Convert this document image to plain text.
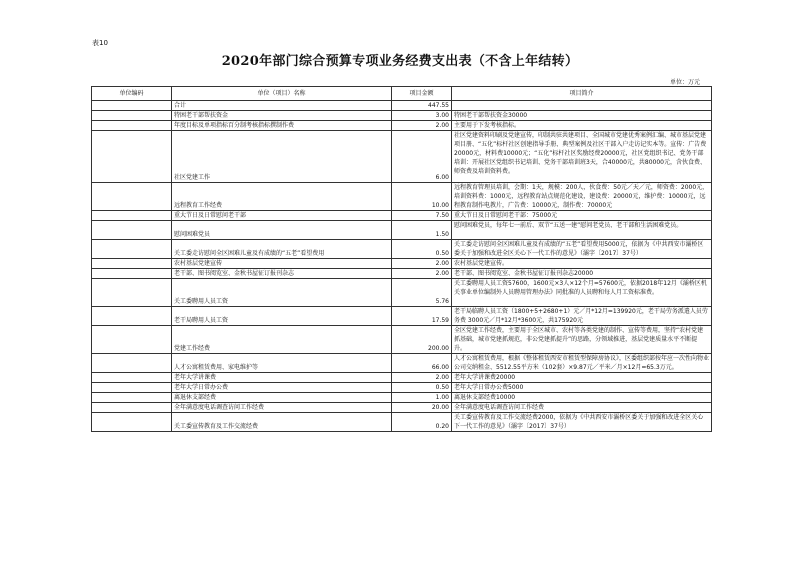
表10
2020年部门综合预算专项业务经费支出表（不含上年结转）
单位：万元
单位编码	单位（项目）名称	项目金额	项目简介
	合计	447.55	
	特困老干部帮扶资金	3.00	特困老干部帮扶资金30000
	年度目标及单项指标百分制考核指标撰制作费	2.00	主要用于下发考核指标。
	社区党建工作	6.00	社区党建资料印刷及党建宣传，印制共驻共建项目、全国城市党建优秀案例汇编、城市基层党建项目册、“五化”标杆社区创建指导手册、典型案例及社区干部入户走访记实本等。宣传：广告费20000元，材料费10000元；“五化”标杆社区奖励经费20000元，社区党组织书记、党务干部培训：开展社区党组织书记培训、党务干部培训班3天，合40000元，共80000元，含伙食费、师资费及培训资料费。
	远程教育工作经费	10.00	远程教育管理员培训，会期：1天，规模：200人，伙食费：50元／天／元，师资费：2000元，培训资料费：1000元，远程教育站点规范化建设，建设费：20000元，维护费：10000元，远程教育制作电教片，广告费：10000元，制作费：70000元
	重大节日及日常慰问老干部	7.50	重大节日及日常慰问老干部：75000元
	慰问困难党员	1.50	慰问困难党员，每年七一前后、双节“五送一建”慰问老党员、老干部和生活困难党员。
	关工委走访慰问全区困难儿童及有成绩的“五老”看望费用	0.50	关工委走访慰问全区困难儿童及有成绩的“五老”看望费用5000元，依据为《中共西安市灞桥区委关于加强和改进全区关心下一代工作的意见》（灞字〔2017〕37号）
	农村基层党建宣传	2.00	农村基层党建宣传。
	老干部、图书阅览室、金秋书屋征订报刊杂志	2.00	老干部、图书阅览室、金秋书屋征订报刊杂志20000
	关工委聘用人员工资	5.76	关工委聘用人员工资57600，1600元×3人×12个月=57600元，依据2018年12月《灞桥区机关事业单位编制外人员聘用管理办法》同批准的人员聘和每人月工资标准费。
	老干局聘用人员工资	17.59	老干局临聘人员工资（1800+5+2680+1）元／月*12月=139920元，老干局劳务派遣人员劳务费 3000元／月*12月*3600元，共175920元
	党建工作经费	200.00	全区党建工作经费，主要用于全区城市、农村等各类党建的制作、宣传等费用，坚持“农村党建抓基础，城市党建抓规范，非公党建抓提升”的思路，分领域推进，基层党建质量水平不断提升。
	人才公寓租赁费用、家电维护等	66.00	人才公寓租赁费用，根据《整体租赁西安市租赁型保障房协议》，区委组织部按年应一次性向物业公司交纳租金、5512.55平方米（102套）×9.87元／平米／月×12月=65.3万元。
	老年大学讲课费	2.00	老年大学讲课费20000
	老年大学日常办公费	0.50	老年大学日常办公费5000
	离退休支部经费	1.00	离退休支部经费10000
	全年满意度电话调查访问工作经费	20.00	全年满意度电话调查访问工作经费
	关工委宣传教育及工作交流经费	0.20	关工委宣传教育及工作交流经费2000，依据为《中共西安市灞桥区委关于加强和改进全区关心下一代工作的意见》（灞字〔2017〕37号）
